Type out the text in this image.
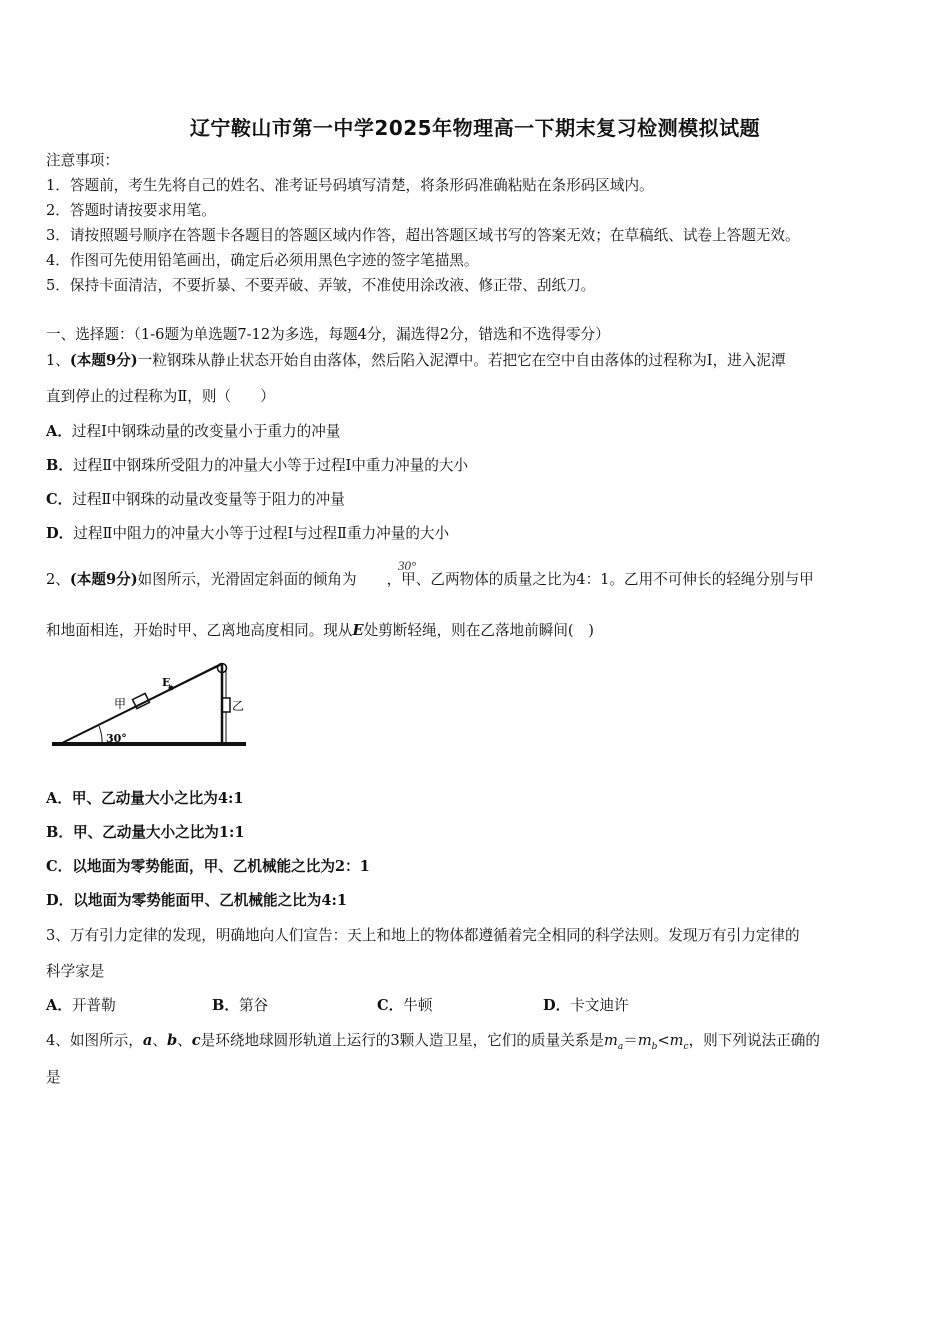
辽宁鞍山市第一中学2025年物理高一下期末复习检测模拟试题
注意事项：
1．答题前，考生先将自己的姓名、准考证号码填写清楚，将条形码准确粘贴在条形码区域内。
2．答题时请按要求用笔。
3．请按照题号顺序在答题卡各题目的答题区域内作答，超出答题区域书写的答案无效；在草稿纸、试卷上答题无效。
4．作图可先使用铅笔画出，确定后必须用黑色字迹的签字笔描黑。
5．保持卡面清洁，不要折暴、不要弄破、弄皱，不准使用涂改液、修正带、刮纸刀。
一、选择题：（1-6题为单选题7-12为多选，每题4分，漏选得2分，错选和不选得零分）
1、(本题9分)一粒钢珠从静止状态开始自由落体，然后陷入泥潭中。若把它在空中自由落体的过程称为Ⅰ，进入泥潭
直到停止的过程称为Ⅱ，则（　　）
A．过程Ⅰ中钢珠动量的改变量小于重力的冲量
B．过程Ⅱ中钢珠所受阻力的冲量大小等于过程Ⅰ中重力冲量的大小
C．过程Ⅱ中钢珠的动量改变量等于阻力的冲量
D．过程Ⅱ中阻力的冲量大小等于过程Ⅰ与过程Ⅱ重力冲量的大小
2、(本题9分)如图所示，光滑固定斜面的倾角为 ，甲、乙两物体的质量之比为4：1。乙用不可伸长的轻绳分别与甲
30°
和地面相连，开始时甲、乙离地高度相同。现从E处剪断轻绳，则在乙落地前瞬间(　)
甲	乙
E
30°
A．甲、乙动量大小之比为4:1
B．甲、乙动量大小之比为1:1
C．以地面为零势能面，甲、乙机械能之比为2：1
D．以地面为零势能面甲、乙机械能之比为4:1
3、万有引力定律的发现，明确地向人们宣告：天上和地上的物体都遵循着完全相同的科学法则。发现万有引力定律的
科学家是
A．开普勒	B．第谷	C．牛顿	D．卡文迪许
4、如图所示，a、b、c是环绕地球圆形轨道上运行的3颗人造卫星，它们的质量关系是$m_a=m_b<m_c$，则下列说法正确的
是
